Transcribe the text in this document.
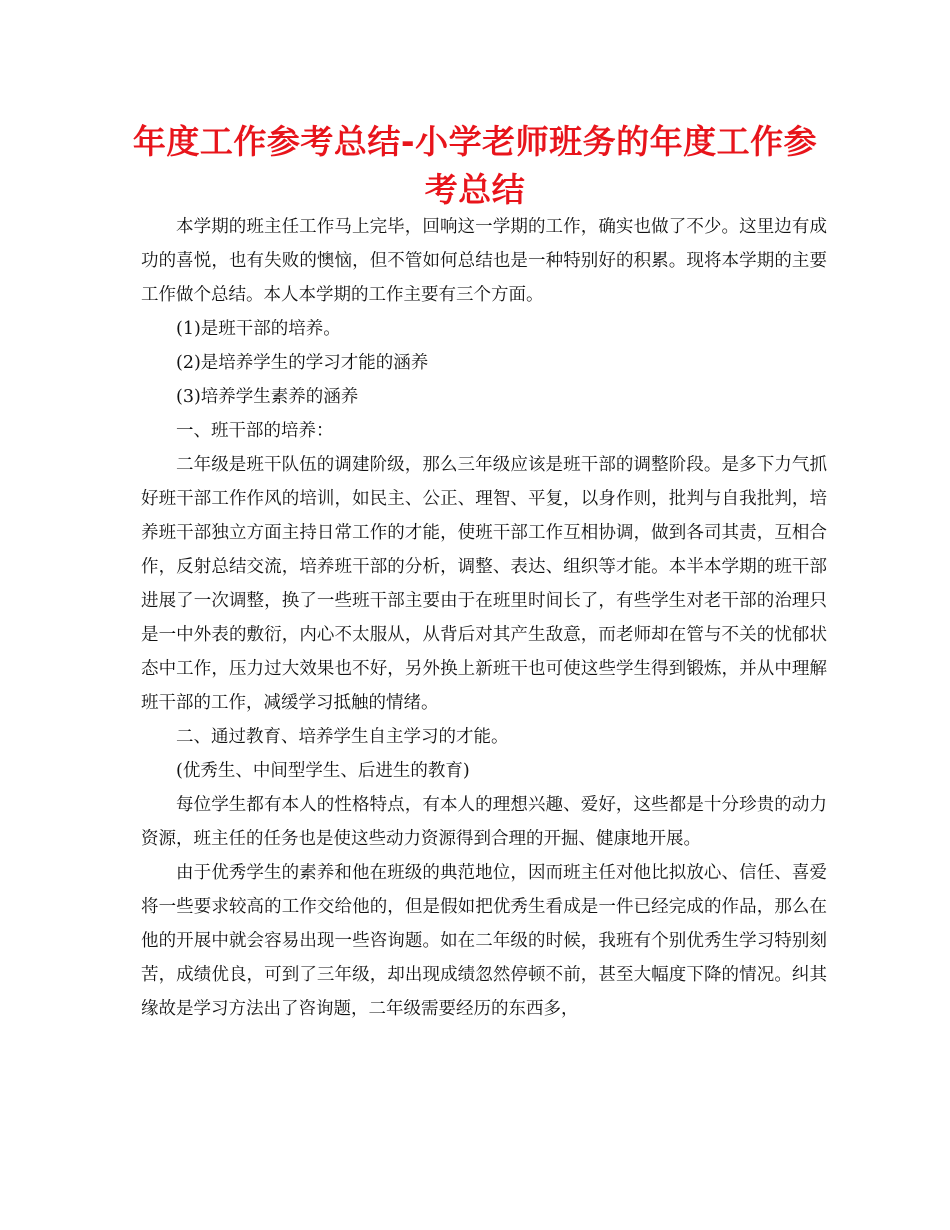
年度工作参考总结-小学老师班务的年度工作参考总结

本学期的班主任工作马上完毕，回响这一学期的工作，确实也做了不少。这里边有成功的喜悦，也有失败的懊恼，但不管如何总结也是一种特别好的积累。现将本学期的主要工作做个总结。本人本学期的工作主要有三个方面。

(1)是班干部的培养。

(2)是培养学生的学习才能的涵养

(3)培养学生素养的涵养

一、班干部的培养：

二年级是班干队伍的调建阶级，那么三年级应该是班干部的调整阶段。是多下力气抓好班干部工作作风的培训，如民主、公正、理智、平复，以身作则，批判与自我批判，培养班干部独立方面主持日常工作的才能，使班干部工作互相协调，做到各司其责，互相合作，反射总结交流，培养班干部的分析，调整、表达、组织等才能。本半本学期的班干部进展了一次调整，换了一些班干部主要由于在班里时间长了，有些学生对老干部的治理只是一中外表的敷衍，内心不太服从，从背后对其产生敌意，而老师却在管与不关的忧郁状态中工作，压力过大效果也不好，另外换上新班干也可使这些学生得到锻炼，并从中理解班干部的工作，减缓学习抵触的情绪。

二、通过教育、培养学生自主学习的才能。

(优秀生、中间型学生、后进生的教育)

每位学生都有本人的性格特点，有本人的理想兴趣、爱好，这些都是十分珍贵的动力资源，班主任的任务也是使这些动力资源得到合理的开掘、健康地开展。

由于优秀学生的素养和他在班级的典范地位，因而班主任对他比拟放心、信任、喜爱将一些要求较高的工作交给他的，但是假如把优秀生看成是一件已经完成的作品，那么在他的开展中就会容易出现一些咨询题。如在二年级的时候，我班有个别优秀生学习特别刻苦，成绩优良，可到了三年级，却出现成绩忽然停顿不前，甚至大幅度下降的情况。纠其缘故是学习方法出了咨询题，二年级需要经历的东西多，
